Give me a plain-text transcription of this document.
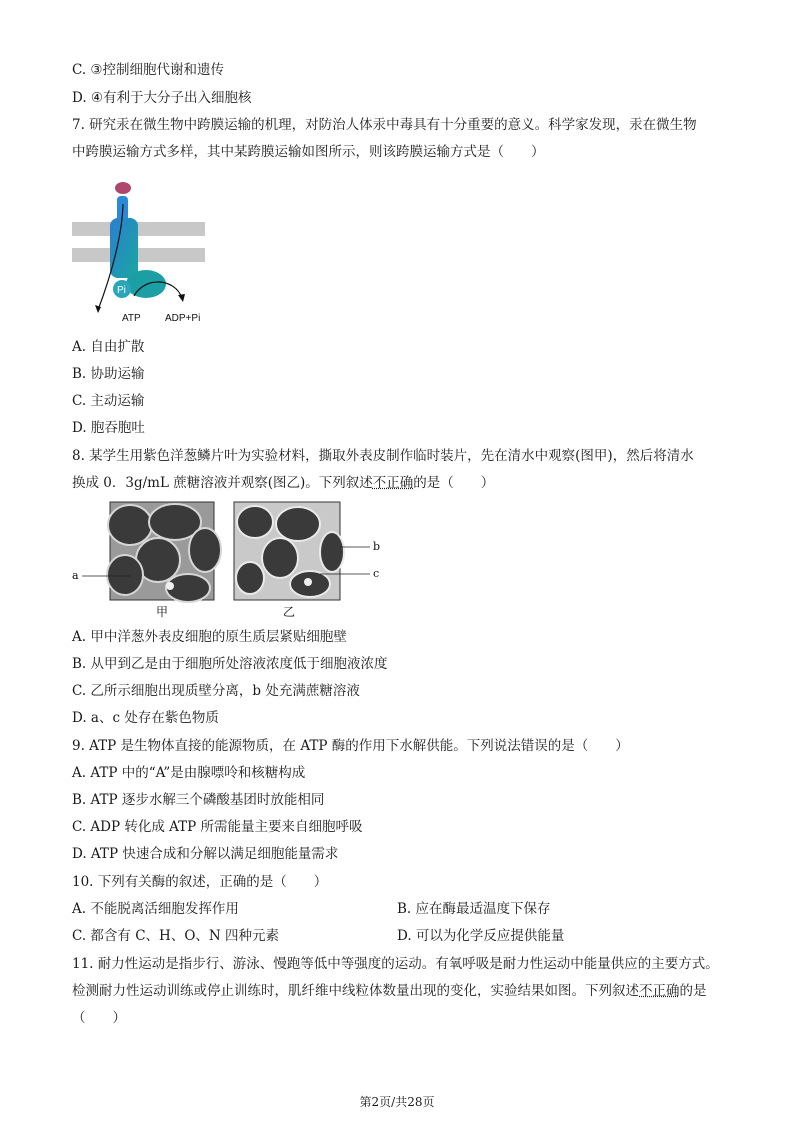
C. ③控制细胞代谢和遗传
D. ④有利于大分子出入细胞核
7. 研究汞在微生物中跨膜运输的机理，对防治人体汞中毒具有十分重要的意义。科学家发现，汞在微生物
中跨膜运输方式多样，其中某跨膜运输如图所示，则该跨膜运输方式是（　　）
Pi
ATP ADP+Pi
A. 自由扩散
B. 协助运输
C. 主动运输
D. 胞吞胞吐
8. 某学生用紫色洋葱鳞片叶为实验材料，撕取外表皮制作临时装片，先在清水中观察(图甲)，然后将清水
换成 0．3g/mL 蔗糖溶液并观察(图乙)。下列叙述不正确的是（　　）
a
甲
b
c
乙
A. 甲中洋葱外表皮细胞的原生质层紧贴细胞壁
B. 从甲到乙是由于细胞所处溶液浓度低于细胞液浓度
C. 乙所示细胞出现质壁分离，b 处充满蔗糖溶液
D. a、c 处存在紫色物质
9. ATP 是生物体直接的能源物质，在 ATP 酶的作用下水解供能。下列说法错误的是（　　）
A. ATP 中的“A”是由腺嘌呤和核糖构成
B. ATP 逐步水解三个磷酸基团时放能相同
C. ADP 转化成 ATP 所需能量主要来自细胞呼吸
D. ATP 快速合成和分解以满足细胞能量需求
10. 下列有关酶的叙述，正确的是（　　）
A. 不能脱离活细胞发挥作用	B. 应在酶最适温度下保存
C. 都含有 C、H、O、N 四种元素	D. 可以为化学反应提供能量
11. 耐力性运动是指步行、游泳、慢跑等低中等强度的运动。有氧呼吸是耐力性运动中能量供应的主要方式。
检测耐力性运动训练或停止训练时，肌纤维中线粒体数量出现的变化，实验结果如图。下列叙述不正确的是
（　　）
第2页/共28页
